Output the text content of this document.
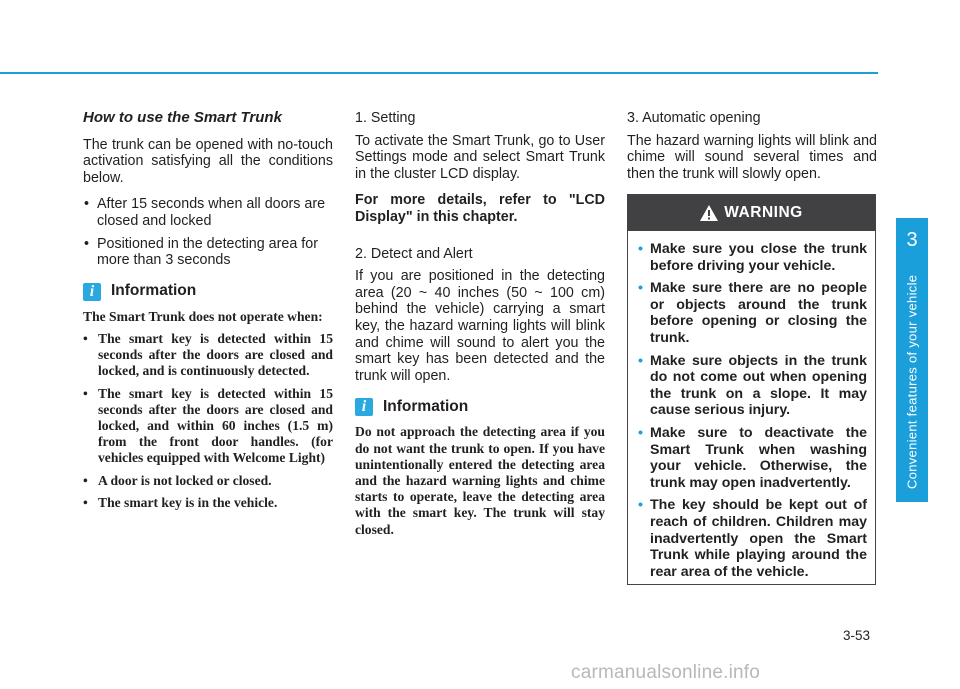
How to use the Smart Trunk

The trunk can be opened with no-touch activation satisfying all the conditions below.

• After 15 seconds when all doors are closed and locked
• Positioned in the detecting area for more than 3 seconds
i	Information

The Smart Trunk does not operate when:

• The smart key is detected within 15 seconds after the doors are closed and locked, and is continuously detected.
• The smart key is detected within 15 seconds after the doors are closed and locked, and within 60 inches (1.5 m) from the front door handles. (for vehicles equipped with Welcome Light)
• A door is not locked or closed.
• The smart key is in the vehicle.

1. Setting

To activate the Smart Trunk, go to User Settings mode and select Smart Trunk in the cluster LCD display.

For more details, refer to "LCD Display" in this chapter.

2. Detect and Alert

If you are positioned in the detecting area (20 ~ 40 inches (50 ~ 100 cm) behind the vehicle) carrying a smart key, the hazard warning lights will blink and chime will sound to alert you the smart key has been detected and the trunk will open.

i	Information

Do not approach the detecting area if you do not want the trunk to open. If you have unintentionally entered the detecting area and the hazard warning lights and chime starts to operate, leave the detecting area with the smart key. The trunk will stay closed.

3. Automatic opening

The hazard warning lights will blink and chime will sound several times and then the trunk will slowly open.

WARNING
• Make sure you close the trunk before driving your vehicle.
• Make sure there are no people or objects around the trunk before opening or closing the trunk.
• Make sure objects in the trunk do not come out when opening the trunk on a slope. It may cause serious injury.
• Make sure to deactivate the Smart Trunk when washing your vehicle. Otherwise, the trunk may open inadvertently.
• The key should be kept out of reach of children. Children may inadvertently open the Smart Trunk while playing around the rear area of the vehicle.
3
Convenient features of your vehicle
3-53
carmanualsonline.info
